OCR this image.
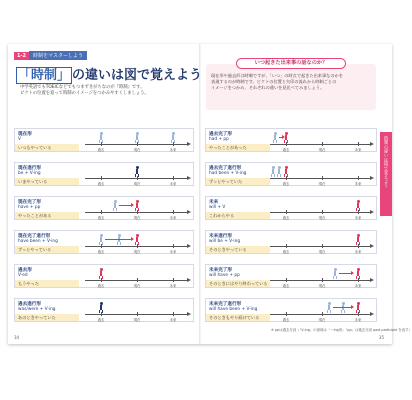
1-2	時制をマスターしよう
「時制」 の違いは図で覚えよう
中学英語でもTOEICなどでもつまずきがちなのが『時制』です。
ピクトの位置を追って時制のイメージをつかみやすくしましょう。
現在形
V
いつもやっている	過去	現在	未来
現在進行形
be + V-ing
いまやっている	過去	現在	未来
現在完了形
have + pp
やったことがある	過去	現在	未来
現在完了進行形
have been + V-ing
ずっとやっている	過去	現在	未来
過去形
V-ed
もうやった	過去	現在	未来
過去進行形
was/were + V-ing
あのときやっていた	過去	現在	未来
34
いつ起きた出来事の話なのか？
現在形や過去形は時制ですが、「いつ」の時点で起きた出来事なのかを
表現するのが時制です。ピクトの位置と矢印の流れから時制ごとの
イメージをつかみ、それぞれの違いを見比べてみましょう。
時制の違いは図で覚えよう
過去完了形
had + pp
やったことがあった	過去	現在	未来
過去完了進行形
had been + V-ing
ずっとやっていた	過去	現在	未来
未来
will + V
これからやる	過去	現在	未来
未来進行形
will be + V-ing
そのときやっている	過去	現在	未来
未来完了形
will have + pp
そのときにはやり終わっている	過去	現在	未来
未来完了進行形
will have been + V-ing
そのときもやり続けている	過去	現在	未来
※ ppは過去分詞（「V-ing」の意味は「〜ing形」「pp」は過去分詞 past participle を表す）
35
